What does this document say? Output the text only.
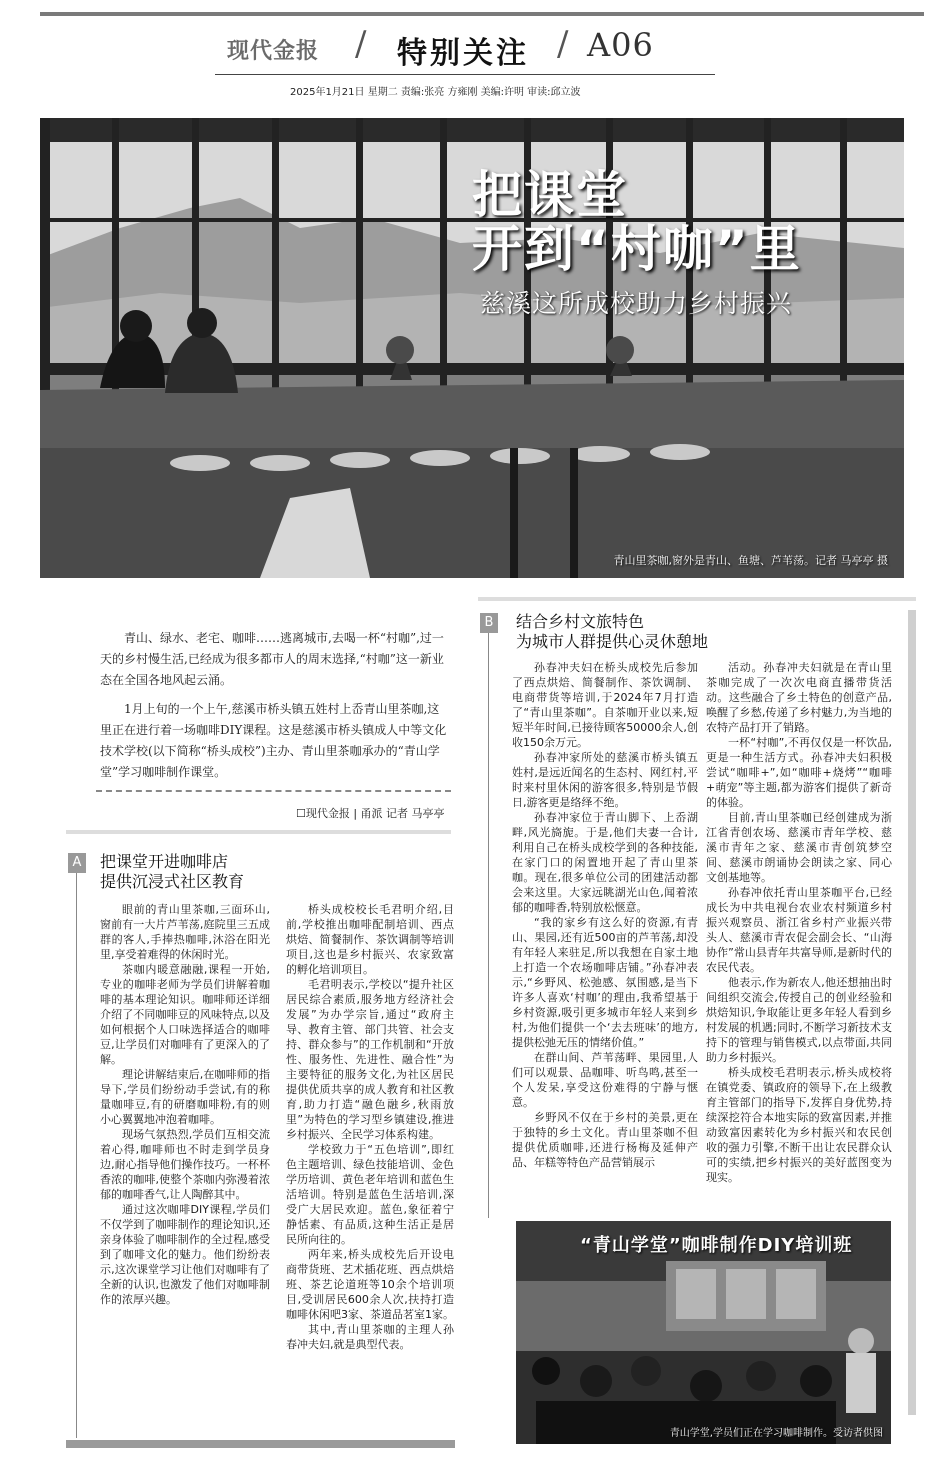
现代金报 / 特别关注 / A06
2025年1月21日 星期二 责编:张亮 方雍刚 美编:许明 审读:邱立波
把课堂
开到“村咖”里
慈溪这所成校助力乡村振兴
青山里茶咖,窗外是青山、鱼塘、芦苇荡。记者 马亭亭 摄

青山、绿水、老宅、咖啡……逃离城市,去喝一杯“村咖”,过一天的乡村慢生活,已经成为很多都市人的周末选择,“村咖”这一新业态在全国各地风起云涌。

1月上旬的一个上午,慈溪市桥头镇五姓村上岙青山里茶咖,这里正在进行着一场咖啡DIY课程。这是慈溪市桥头镇成人中等文化技术学校(以下简称“桥头成校”)主办、青山里茶咖承办的“青山学堂”学习咖啡制作课堂。

☐现代金报 | 甬派 记者 马亭亭
A 把课堂开进咖啡店
提供沉浸式社区教育

眼前的青山里茶咖,三面环山,窗前有一大片芦苇荡,庭院里三五成群的客人,手捧热咖啡,沐浴在阳光里,享受着难得的休闲时光。

茶咖内暖意融融,课程一开始,专业的咖啡老师为学员们讲解着咖啡的基本理论知识。咖啡师还详细介绍了不同咖啡豆的风味特点,以及如何根据个人口味选择适合的咖啡豆,让学员们对咖啡有了更深入的了解。

理论讲解结束后,在咖啡师的指导下,学员们纷纷动手尝试,有的称量咖啡豆,有的研磨咖啡粉,有的则小心翼翼地冲泡着咖啡。

现场气氛热烈,学员们互相交流着心得,咖啡师也不时走到学员身边,耐心指导他们操作技巧。一杯杯香浓的咖啡,使整个茶咖内弥漫着浓郁的咖啡香气,让人陶醉其中。

通过这次咖啡DIY课程,学员们不仅学到了咖啡制作的理论知识,还亲身体验了咖啡制作的全过程,感受到了咖啡文化的魅力。他们纷纷表示,这次课堂学习让他们对咖啡有了全新的认识,也激发了他们对咖啡制作的浓厚兴趣。

桥头成校校长毛君明介绍,目前,学校推出咖啡配制培训、西点烘焙、简餐制作、茶饮调制等培训项目,这也是乡村振兴、农家致富的孵化培训项目。

毛君明表示,学校以“提升社区居民综合素质,服务地方经济社会发展”为办学宗旨,通过“政府主导、教育主管、部门共管、社会支持、群众参与”的工作机制和“开放性、服务性、先进性、融合性”为主要特征的服务文化,为社区居民提供优质共享的成人教育和社区教育,助力打造“融色融乡,秋雨放里”为特色的学习型乡镇建设,推进乡村振兴、全民学习体系构建。

学校致力于“五色培训”,即红色主题培训、绿色技能培训、金色学历培训、黄色老年培训和蓝色生活培训。特别是蓝色生活培训,深受广大居民欢迎。蓝色,象征着宁静恬素、有品质,这种生活正是居民所向往的。

两年来,桥头成校先后开设电商带货班、艺术插花班、西点烘焙班、茶艺论道班等10余个培训项目,受训居民600余人次,扶持打造咖啡休闲吧3家、茶道品茗室1家。

其中,青山里茶咖的主理人孙春冲夫妇,就是典型代表。

B 结合乡村文旅特色
为城市人群提供心灵休憩地

孙春冲夫妇在桥头成校先后参加了西点烘焙、简餐制作、茶饮调制、电商带货等培训,于2024年7月打造了“青山里茶咖”。自茶咖开业以来,短短半年时间,已接待顾客50000余人,创收150余万元。

孙春冲家所处的慈溪市桥头镇五姓村,是远近闻名的生态村、网红村,平时来村里休闲的游客很多,特别是节假日,游客更是络绎不绝。

孙春冲家位于青山脚下、上岙湖畔,风光旖旎。于是,他们夫妻一合计,利用自己在桥头成校学到的各种技能,在家门口的闲置地开起了青山里茶咖。现在,很多单位公司的团建活动都会来这里。大家远眺湖光山色,闻着浓郁的咖啡香,特别放松惬意。

“我的家乡有这么好的资源,有青山、果园,还有近500亩的芦苇荡,却没有年轻人来驻足,所以我想在自家土地上打造一个农场咖啡店铺。”孙春冲表示,“乡野风、松弛感、氛围感,是当下许多人喜欢‘村咖’的理由,我希望基于乡村资源,吸引更多城市年轻人来到乡村,为他们提供一个‘去去班味’的地方,提供松弛无压的情绪价值。”

在群山间、芦苇荡畔、果园里,人们可以观景、品咖啡、听鸟鸣,甚至一个人发呆,享受这份难得的宁静与惬意。

乡野风不仅在于乡村的美景,更在于独特的乡土文化。青山里茶咖不但提供优质咖啡,还进行杨梅及延伸产品、年糕等特色产品营销展示

活动。孙春冲夫妇就是在青山里茶咖完成了一次次电商直播带货活动。这些融合了乡土特色的创意产品,唤醒了乡愁,传递了乡村魅力,为当地的农特产品打开了销路。

一杯“村咖”,不再仅仅是一杯饮品,更是一种生活方式。孙春冲夫妇积极尝试“咖啡+”,如“咖啡+烧烤”“咖啡+萌宠”等主题,都为游客们提供了新奇的体验。

目前,青山里茶咖已经创建成为浙江省青创农场、慈溪市青年学校、慈溪市青年之家、慈溪市青创筑梦空间、慈溪市朗诵协会朗读之家、同心文创基地等。

孙春冲依托青山里茶咖平台,已经成长为中共电视台农业农村频道乡村振兴观察员、浙江省乡村产业振兴带头人、慈溪市青农促会副会长、“山海协作”常山县青年共富导师,是新时代的农民代表。

他表示,作为新农人,他还想抽出时间组织交流会,传授自己的创业经验和烘焙知识,争取能让更多年轻人看到乡村发展的机遇;同时,不断学习新技术支持下的管理与销售模式,以点带面,共同助力乡村振兴。

桥头成校毛君明表示,桥头成校将在镇党委、镇政府的领导下,在上级教育主管部门的指导下,发挥自身优势,持续深挖符合本地实际的致富因素,并推动致富因素转化为乡村振兴和农民创收的强力引擎,不断干出让农民群众认可的实绩,把乡村振兴的美好蓝图变为现实。

“青山学堂”咖啡制作DIY培训班
青山学堂,学员们正在学习咖啡制作。受访者供图
